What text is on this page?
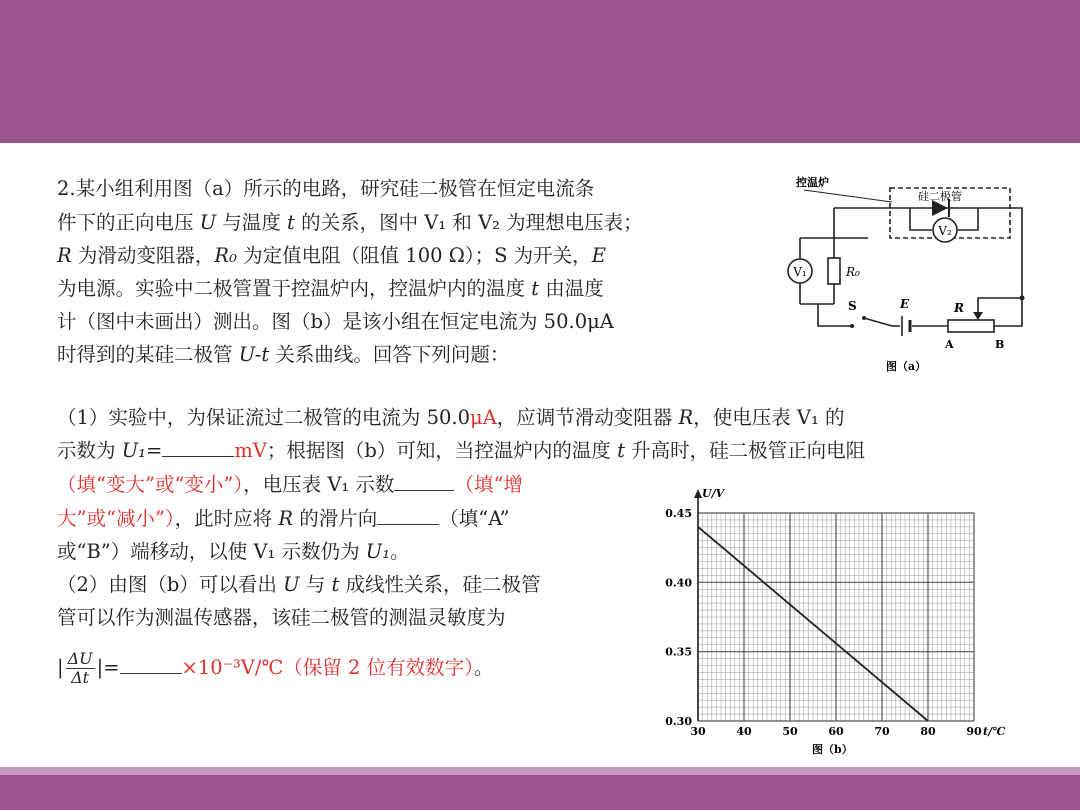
2.某小组利用图（a）所示的电路，研究硅二极管在恒定电流条
件下的正向电压 U 与温度 t 的关系，图中 V₁ 和 V₂ 为理想电压表；
R 为滑动变阻器，R₀ 为定值电阻（阻值 100 Ω）；S 为开关，E
为电源。实验中二极管置于控温炉内，控温炉内的温度 t 由温度
计（图中未画出）测出。图（b）是该小组在恒定电流为 50.0μA
时得到的某硅二极管 U-t 关系曲线。回答下列问题：
（1）实验中，为保证流过二极管的电流为 50.0μA，应调节滑动变阻器 R，使电压表 V₁ 的
示数为 U₁=	mV；根据图（b）可知，当控温炉内的温度 t 升高时，硅二极管正向电阻
（填“变大”或“变小”），电压表 V₁ 示数	（填“增
大”或“减小”），此时应将 R 的滑片向	（填“A”
或“B”）端移动，以使 V₁ 示数仍为 U₁。
（2）由图（b）可以看出 U 与 t 成线性关系，硅二极管
管可以作为测温传感器，该硅二极管的测温灵敏度为
| $\frac{\Delta U}{\Delta t}$ |=	×10⁻³V/℃（保留 2 位有效数字）。
V₂
V₁	R₀
S	E	R
A	B
控温炉
硅二极管
图（a）
30	40	50	60	70	80	90
0.30
0.35
0.40
0.45
U/V
t/℃
图（b）
